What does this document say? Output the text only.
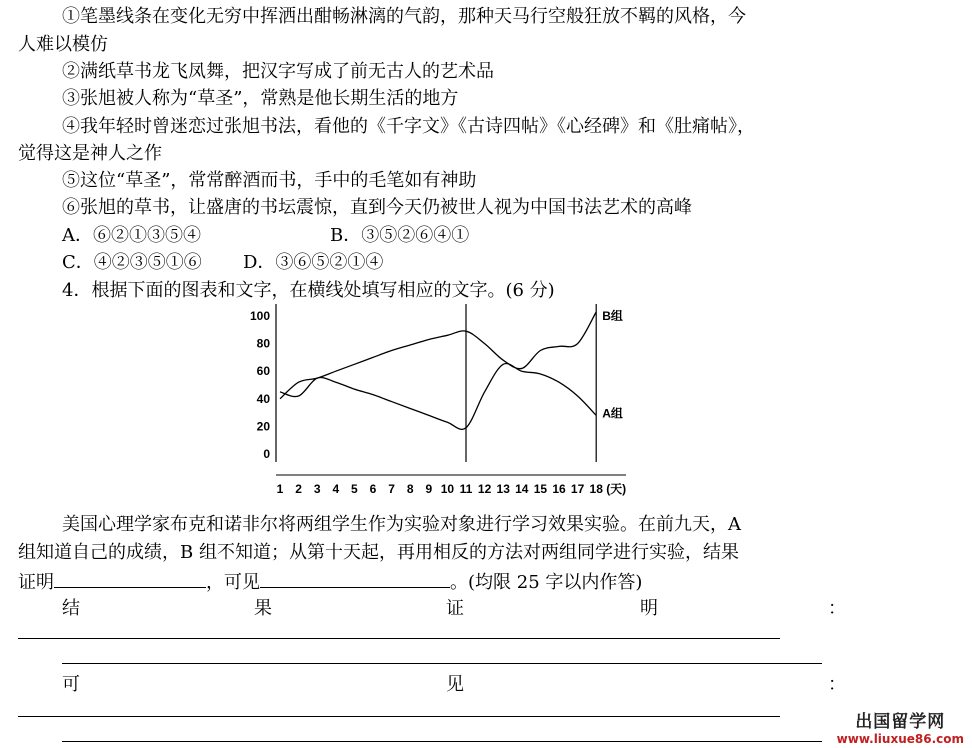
①笔墨线条在变化无穷中挥洒出酣畅淋漓的气韵，那种天马行空般狂放不羁的风格，今
人难以模仿
②满纸草书龙飞凤舞，把汉字写成了前无古人的艺术品
③张旭被人称为“草圣”，常熟是他长期生活的地方
④我年轻时曾迷恋过张旭书法，看他的《千字文》《古诗四帖》《心经碑》和《肚痛帖》，
觉得这是神人之作
⑤这位“草圣”，常常醉酒而书，手中的毛笔如有神助
⑥张旭的草书，让盛唐的书坛震惊，直到今天仍被世人视为中国书法艺术的高峰
A．⑥②①③⑤④	B．③⑤②⑥④①
C．④②③⑤①⑥ D．③⑥⑤②①④
4．根据下面的图表和文字，在横线处填写相应的文字。(6 分)
0
20
40
60
80
100
1 2 3 4 5 6 7 8 9 10 11 12 13 14 15 16 17 18
B组
A组
(天)
美国心理学家布克和诺非尔将两组学生作为实验对象进行学习效果实验。在前九天，A
组知道自己的成绩，B 组不知道；从第十天起，再用相反的方法对两组同学进行实验，结果
证明	，可见	。(均限 25 字以内作答)
结	果	证	明	：
可	见	：
出国留学网
www.liuxue86.com
